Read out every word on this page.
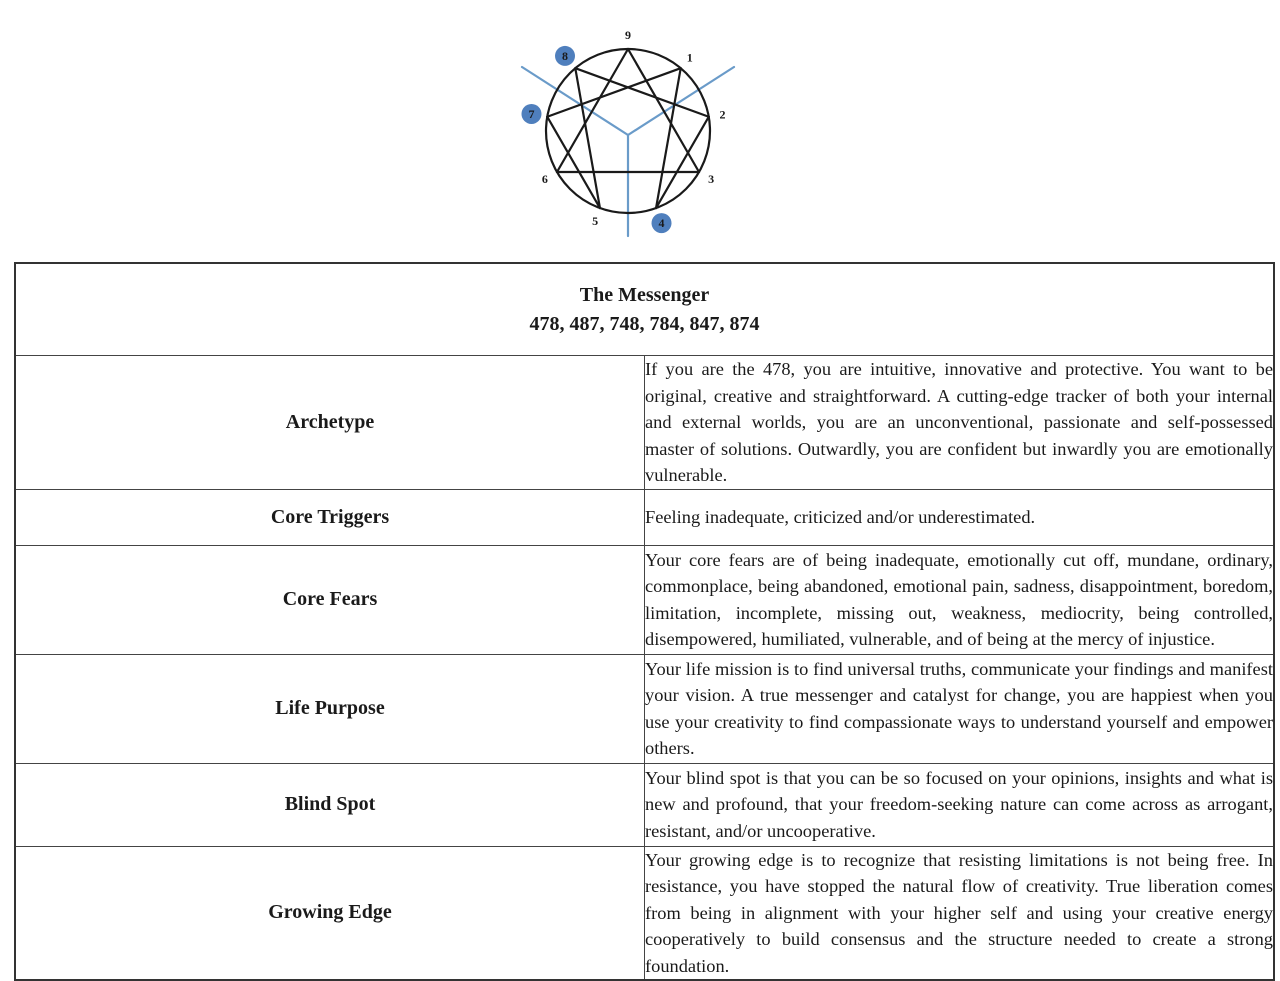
9
1
2
3
4
5
6
7
8
The Messenger
478, 487, 748, 784, 847, 874	

Archetype	If you are the 478, you are intuitive, innovative and protective. You want to be original, creative and straightforward. A cutting-edge tracker of both your internal and external worlds, you are an unconventional, passionate and self-possessed master of solutions. Outwardly, you are confident but inwardly you are emotionally vulnerable.
Core Triggers	Feeling inadequate, criticized and/or underestimated.
Core Fears	Your core fears are of being inadequate, emotionally cut off, mundane, ordinary, commonplace, being abandoned, emotional pain, sadness, disappointment, boredom, limitation, incomplete, missing out, weakness, mediocrity, being controlled, disempowered, humiliated, vulnerable, and of being at the mercy of injustice.
Life Purpose	Your life mission is to find universal truths, communicate your findings and manifest your vision. A true messenger and catalyst for change, you are happiest when you use your creativity to find compassionate ways to understand yourself and empower others.
Blind Spot	Your blind spot is that you can be so focused on your opinions, insights and what is new and profound, that your freedom-seeking nature can come across as arrogant, resistant, and/or uncooperative.
Growing Edge	Your growing edge is to recognize that resisting limitations is not being free. In resistance, you have stopped the natural flow of creativity. True liberation comes from being in alignment with your higher self and using your creative energy cooperatively to build consensus and the structure needed to create a strong foundation.
